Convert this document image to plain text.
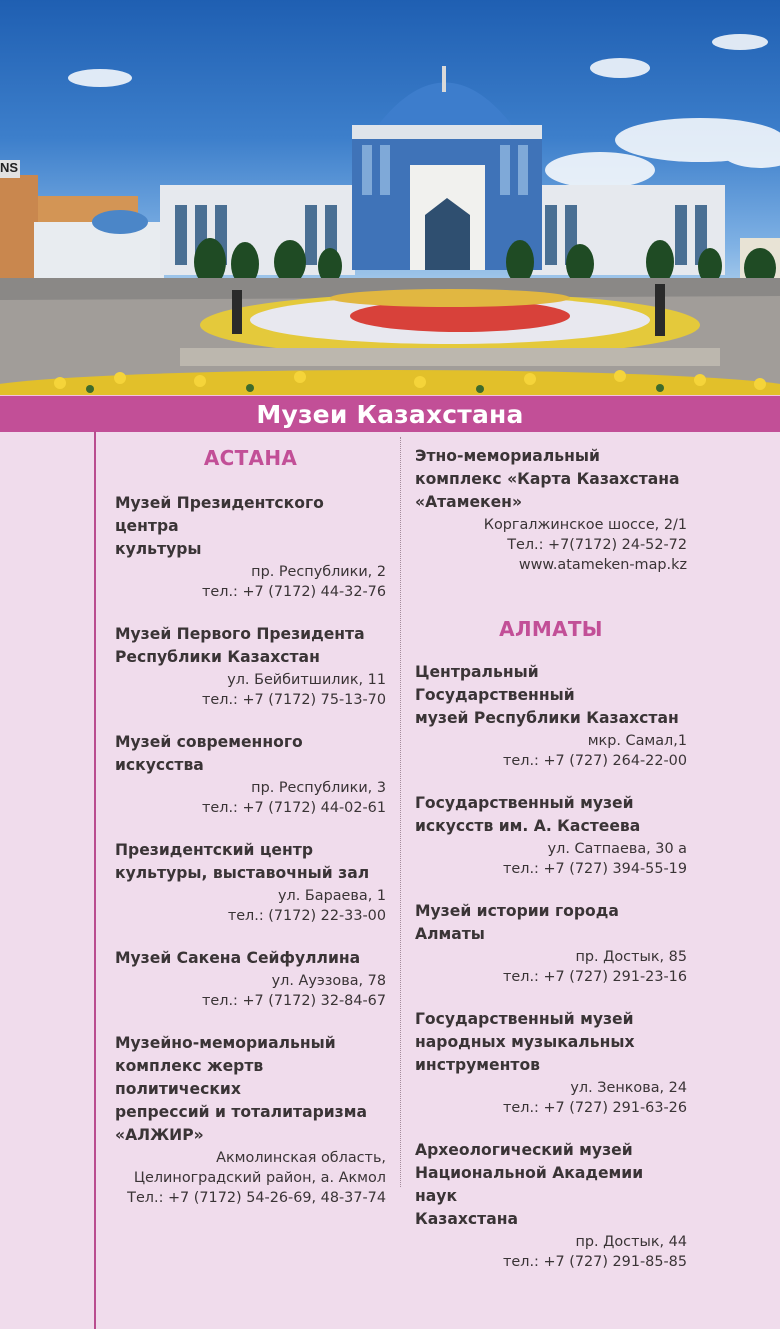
NS
Музеи Казахстана

АСТАНА

Музей Президентского центра

культуры

пр. Республики, 2

тел.: +7 (7172) 44-32-76

Музей Первого Президента

Республики Казахстан

ул. Бейбитшилик, 11

тел.: +7 (7172) 75-13-70

Музей современного искусства

пр. Республики, 3

тел.: +7 (7172) 44-02-61

Президентский центр

культуры, выставочный зал

ул. Бараева, 1

тел.: (7172) 22-33-00

Музей Сакена Сейфуллина

ул. Ауэзова, 78

тел.: +7 (7172) 32-84-67

Музейно-мемориальный

комплекс жертв политических

репрессий и тоталитаризма

«АЛЖИР»

Акмолинская область,

Целиноградский район, а. Акмол

Тел.: +7 (7172) 54-26-69, 48-37-74

Этно-мемориальный

комплекс «Карта Казахстана

«Атамекен»

Коргалжинское шоссе, 2/1

Тел.: +7(7172) 24-52-72

www.atameken-map.kz

АЛМАТЫ

Центральный Государственный

музей Республики Казахстан

мкр. Самал,1

тел.: +7 (727) 264-22-00

Государственный музей

искусств им. А. Кастеева

ул. Сатпаева, 30 а

тел.: +7 (727) 394-55-19

Музей истории города Алматы

пр. Достык, 85

тел.: +7 (727) 291-23-16

Государственный музей

народных музыкальных

инструментов

ул. Зенкова, 24

тел.: +7 (727) 291-63-26

Археологический музей

Национальной Академии наук

Казахстана

пр. Достык, 44

тел.: +7 (727) 291-85-85
